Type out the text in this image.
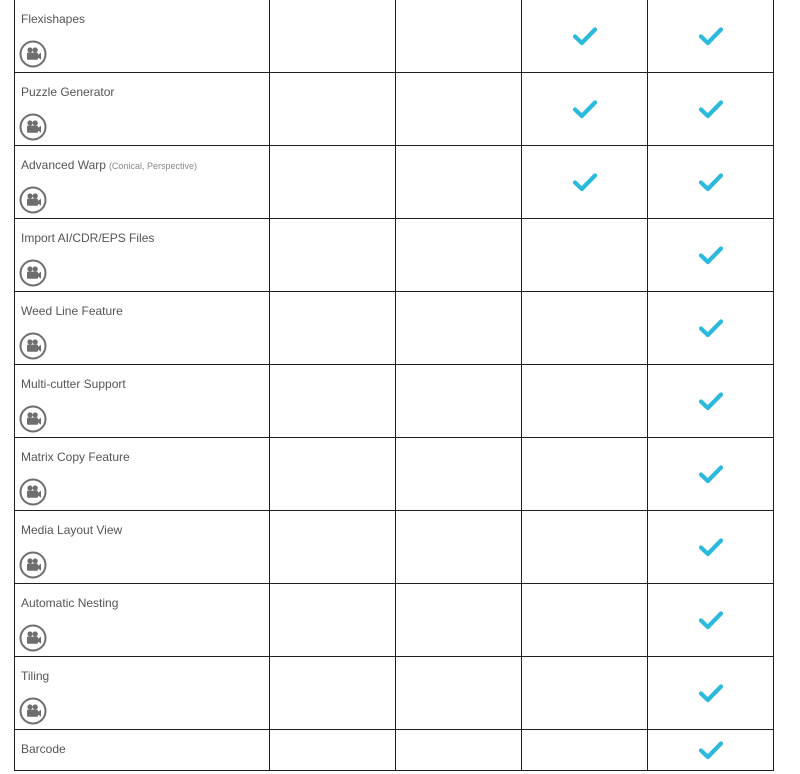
Flexishapes
Puzzle Generator
Advanced Warp (Conical, Perspective)
Import AI/CDR/EPS Files
Weed Line Feature
Multi-cutter Support
Matrix Copy Feature
Media Layout View
Automatic Nesting
Tiling
Barcode
